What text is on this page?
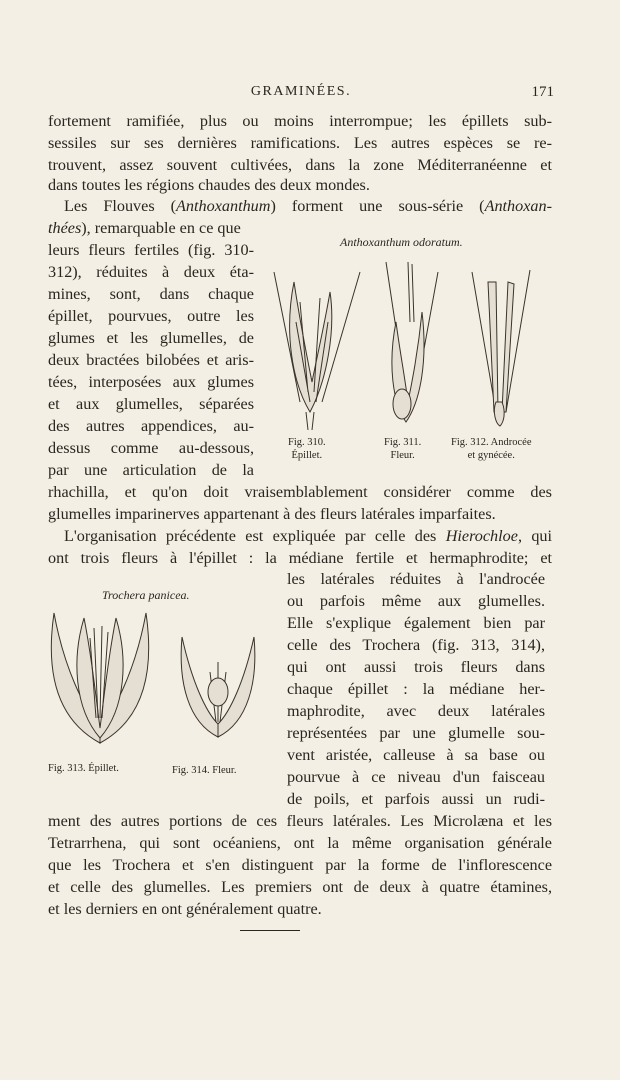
GRAMINÉES.	171
fortement ramifiée, plus ou moins interrompue; les épillets sub-
sessiles sur ses dernières ramifications. Les autres espèces se re-
trouvent, assez souvent cultivées, dans la zone Méditerranéenne et
dans toutes les régions chaudes des deux mondes.
Les Flouves (Anthoxanthum) forment une sous-série (Anthoxan-
thées), remarquable en ce que
leurs fleurs fertiles (fig. 310-
312), réduites à deux éta-
mines, sont, dans chaque
épillet, pourvues, outre les
glumes et les glumelles, de
deux bractées bilobées et aris-
tées, interposées aux glumes
et aux glumelles, séparées
des autres appendices, au-
dessus comme au-dessous,
par une articulation de la
rhachilla, et qu'on doit vraisemblablement considérer comme des
glumelles imparinerves appartenant à des fleurs latérales imparfaites.
Anthoxanthum odoratum.
Fig. 310.
Épillet.
Fig. 311.
Fleur.
Fig. 312. Androcée
et gynécée.
L'organisation précédente est expliquée par celle des Hierochloe, qui
ont trois fleurs à l'épillet : la médiane fertile et hermaphrodite; et
Trochera panicea.
Fig. 313. Épillet.	Fig. 314. Fleur.
les latérales réduites à l'androcée
ou parfois même aux glumelles.
Elle s'explique également bien par
celle des Trochera (fig. 313, 314),
qui ont aussi trois fleurs dans
chaque épillet : la médiane her-
maphrodite, avec deux latérales
représentées par une glumelle sou-
vent aristée, calleuse à sa base ou
pourvue à ce niveau d'un faisceau
de poils, et parfois aussi un rudi-
ment des autres portions de ces fleurs latérales. Les Microlæna et les
Tetrarrhena, qui sont océaniens, ont la même organisation générale
que les Trochera et s'en distinguent par la forme de l'inflorescence
et celle des glumelles. Les premiers ont de deux à quatre étamines,
et les derniers en ont généralement quatre.
